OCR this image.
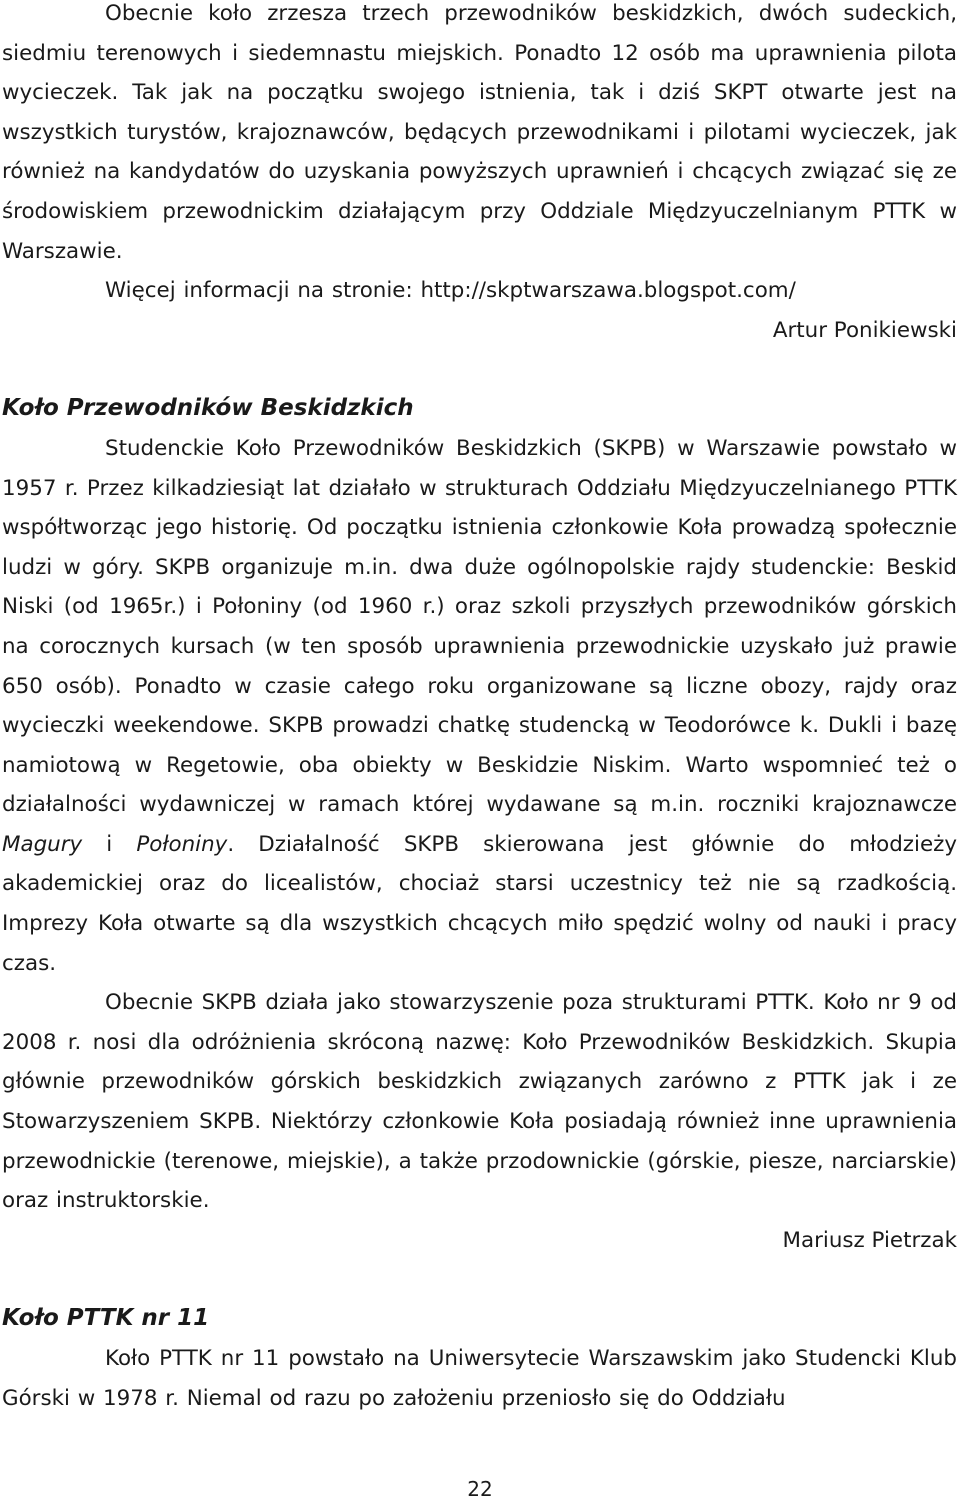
Obecnie koło zrzesza trzech przewodników beskidzkich, dwóch sudeckich, siedmiu terenowych i siedemnastu miejskich. Ponadto 12 osób ma uprawnienia pilota wycieczek. Tak jak na początku swojego istnienia, tak i dziś SKPT otwarte jest na wszystkich turystów, krajoznawców, będących przewodnikami i pilotami wycieczek, jak również na kandydatów do uzyskania powyższych uprawnień i chcących związać się ze środowiskiem przewodnickim działającym przy Oddziale Międzyuczelnianym PTTK w Warszawie.

Więcej informacji na stronie: http://skptwarszawa.blogspot.com/

Artur Ponikiewski
Koło Przewodników Beskidzkich

Studenckie Koło Przewodników Beskidzkich (SKPB) w Warszawie powstało w 1957 r. Przez kilkadziesiąt lat działało w strukturach Oddziału Międzyuczelnianego PTTK współtworząc jego historię. Od początku istnienia członkowie Koła prowadzą społecznie ludzi w góry. SKPB organizuje m.in. dwa duże ogólnopolskie rajdy studenckie: Beskid Niski (od 1965r.) i Połoniny (od 1960 r.) oraz szkoli przyszłych przewodników górskich na corocznych kursach (w ten sposób uprawnienia przewodnickie uzyskało już prawie 650 osób). Ponadto w czasie całego roku organizowane są liczne obozy, rajdy oraz wycieczki weekendowe. SKPB prowadzi chatkę studencką w Teodorówce k. Dukli i bazę namiotową w Regetowie, oba obiekty w Beskidzie Niskim. Warto wspomnieć też o działalności wydawniczej w ramach której wydawane są m.in. roczniki krajoznawcze Magury i Połoniny. Działalność SKPB skierowana jest głównie do młodzieży akademickiej oraz do licealistów, chociaż starsi uczestnicy też nie są rzadkością. Imprezy Koła otwarte są dla wszystkich chcących miło spędzić wolny od nauki i pracy czas.

Obecnie SKPB działa jako stowarzyszenie poza strukturami PTTK. Koło nr 9 od 2008 r. nosi dla odróżnienia skróconą nazwę: Koło Przewodników Beskidzkich. Skupia głównie przewodników górskich beskidzkich związanych zarówno z PTTK jak i ze Stowarzyszeniem SKPB. Niektórzy członkowie Koła posiadają również inne uprawnienia przewodnickie (terenowe, miejskie), a także przodownickie (górskie, piesze, narciarskie) oraz instruktorskie.

Mariusz Pietrzak
Koło PTTK nr 11

Koło PTTK nr 11 powstało na Uniwersytecie Warszawskim jako Studencki Klub Górski w 1978 r. Niemal od razu po założeniu przeniosło się do Oddziału

22
